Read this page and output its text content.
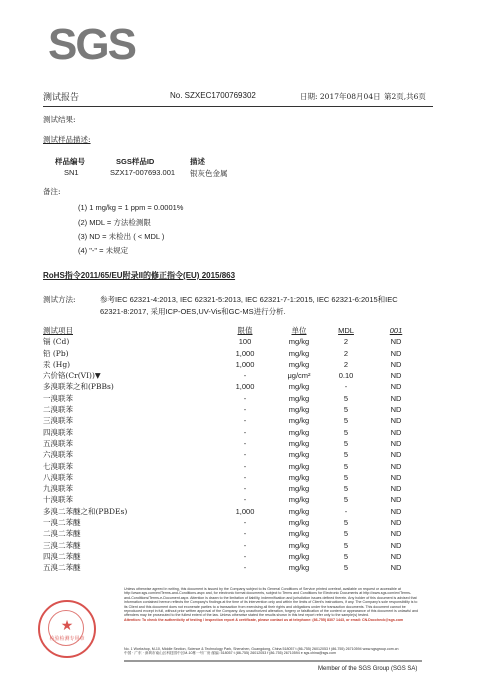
SGS
测试报告	No. SZXEC1700769302	日期: 2017年08月04日 第2页,共6页
测试结果:
测试样品描述:
样品编号	SGS样品ID	描述
SN1	SZX17-007693.001 银灰色金属
备注:
(1) 1 mg/kg = 1 ppm = 0.0001%
(2) MDL = 方法检测限
(3) ND = 未检出 ( < MDL )
(4) "-" = 未规定
RoHS指令2011/65/EU附录II的修正指令(EU) 2015/863
测试方法:	参考IEC 62321-4:2013, IEC 62321-5:2013, IEC 62321-7-1:2015, IEC 62321-6:2015和IEC
62321-8:2017, 采用ICP-OES,UV-Vis和GC-MS进行分析.
测试项目	限值	单位	MDL	001
镉 (Cd)	100	mg/kg	2	ND
铅 (Pb)	1,000	mg/kg	2	ND
汞 (Hg)	1,000	mg/kg	2	ND
六价铬(Cr(VI))▼	-	μg/cm²	0.10	ND
多溴联苯之和(PBBs)	1,000	mg/kg	-	ND
一溴联苯	-	mg/kg	5	ND
二溴联苯	-	mg/kg	5	ND
三溴联苯	-	mg/kg	5	ND
四溴联苯	-	mg/kg	5	ND
五溴联苯	-	mg/kg	5	ND
六溴联苯	-	mg/kg	5	ND
七溴联苯	-	mg/kg	5	ND
八溴联苯	-	mg/kg	5	ND
九溴联苯	-	mg/kg	5	ND
十溴联苯	-	mg/kg	5	ND
多溴二苯醚之和(PBDEs)	1,000	mg/kg	-	ND
一溴二苯醚	-	mg/kg	5	ND
二溴二苯醚	-	mg/kg	5	ND
三溴二苯醚	-	mg/kg	5	ND
四溴二苯醚	-	mg/kg	5	ND
五溴二苯醚	-	mg/kg	5	ND
★
检验检测专用章
Unless otherwise agreed in writing, this document is issued by the Company subject to its General Conditions of Service printed overleaf, available on request or accessible at http://www.sgs.com/en/Terms-and-Conditions.aspx and, for electronic format documents, subject to Terms and Conditions for Electronic Documents at http://www.sgs.com/en/Terms-and-Conditions/Terms-e-Document.aspx. Attention is drawn to the limitation of liability, indemnification and jurisdiction issues defined therein. Any holder of this document is advised that information contained hereon reflects the Company's findings at the time of its intervention only and within the limits of Client's instructions, if any. The Company's sole responsibility is to its Client and this document does not exonerate parties to a transaction from exercising all their rights and obligations under the transaction documents. This document cannot be reproduced except in full, without prior written approval of the Company. Any unauthorized alteration, forgery or falsification of the content or appearance of this document is unlawful and offenders may be prosecuted to the fullest extent of the law. Unless otherwise stated the results shown in this test report refer only to the sample(s) tested.
Attention: To check the authenticity of testing / inspection report & certificate, please contact us at telephone: (86-755) 8307 1443, or email: CN.Doccheck@sgs.com
No. 1 Workshop, M-10, Middle Section, Science & Technology Park, Shenzhen, Guangdong, China 518057 t (86-755) 26012053 f (86-755) 26710594 www.sgsgroup.com.cn
中国 · 广东 · 深圳市南山区科技园中区M-10栋一号厂房 邮编: 518057 t (86-755) 26012053 f (86-755) 26710594 e sgs.china@sgs.com
Member of the SGS Group (SGS SA)
